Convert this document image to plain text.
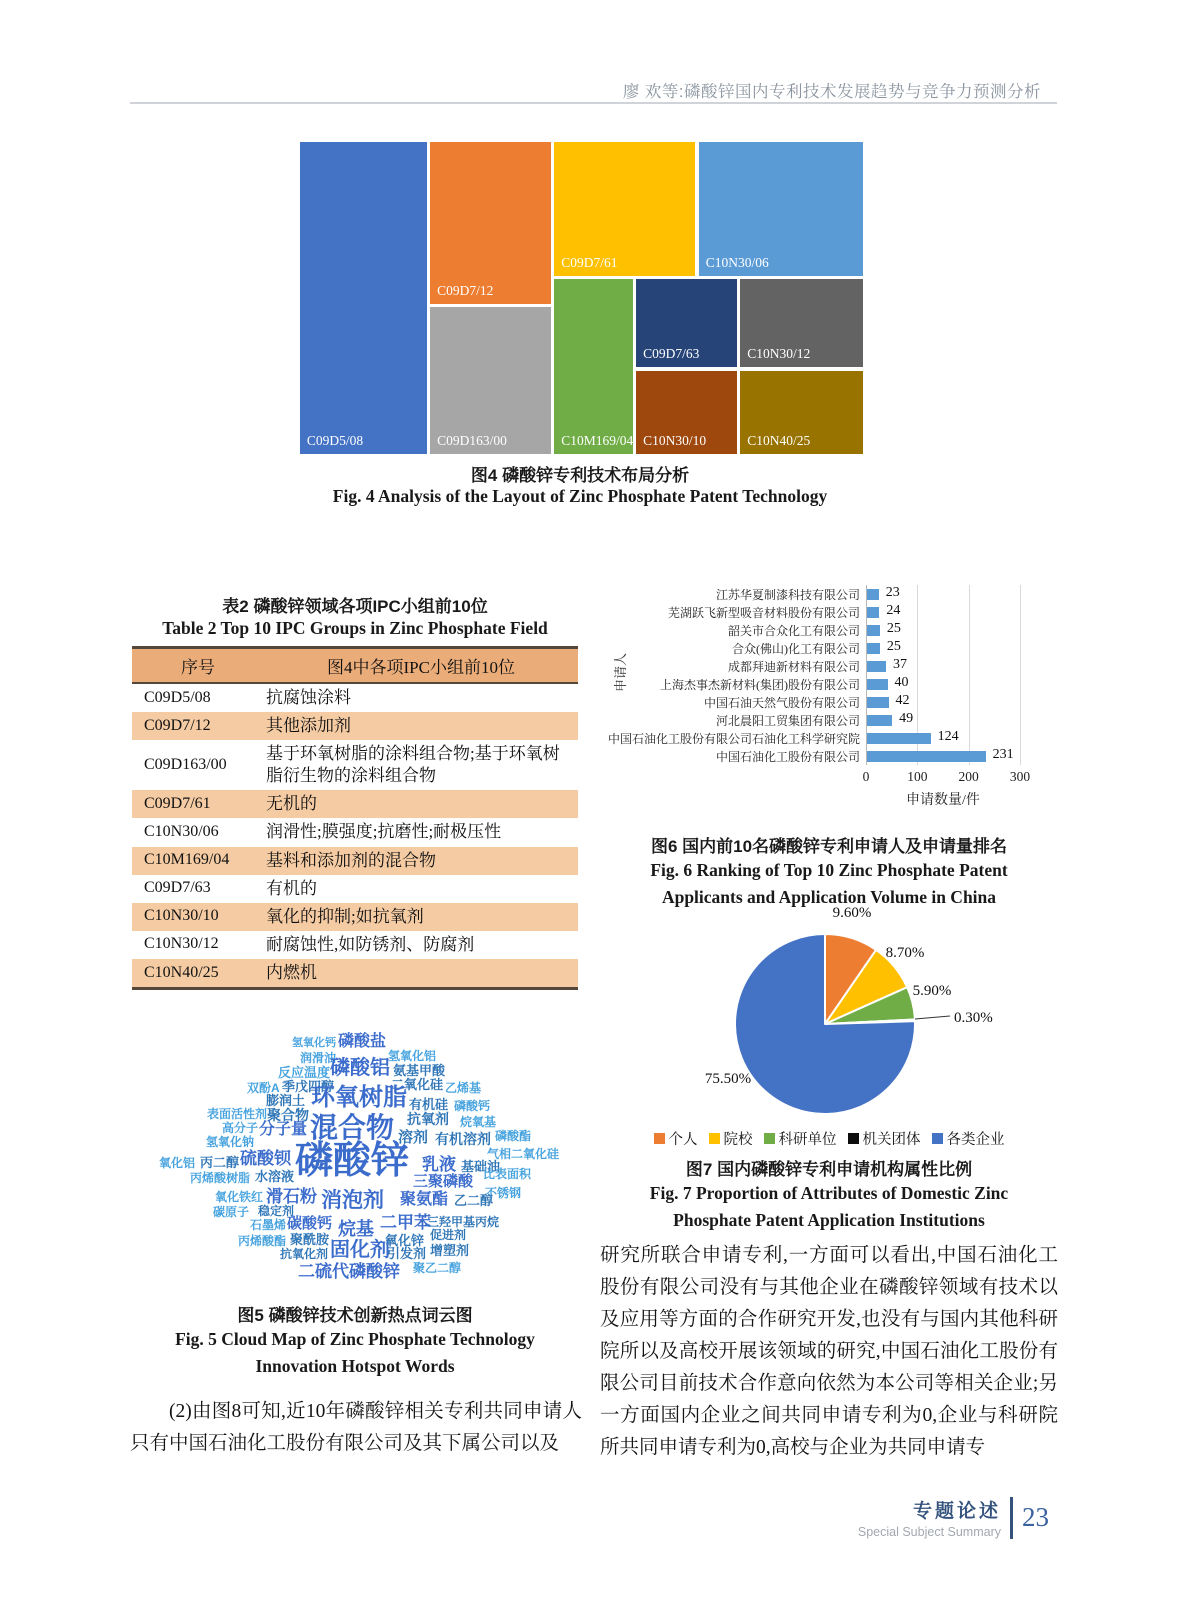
廖 欢等:磷酸锌国内专利技术发展趋势与竞争力预测分析
C09D5/08
C09D7/12
C09D163/00
C09D7/61	C10N30/06
C10M169/04
C09D7/63	C10N30/12
C10N30/10	C10N40/25
图4 磷酸锌专利技术布局分析
Fig. 4 Analysis of the Layout of Zinc Phosphate Patent Technology
表2 磷酸锌领域各项IPC小组前10位
Table 2 Top 10 IPC Groups in Zinc Phosphate Field
序号	图4中各项IPC小组前10位
C09D5/08	抗腐蚀涂料
C09D7/12	其他添加剂
C09D163/00	基于环氧树脂的涂料组合物;基于环氧树脂衍生物的涂料组合物
C09D7/61	无机的
C10N30/06	润滑性;膜强度;抗磨性;耐极压性
C10M169/04	基料和添加剂的混合物
C09D7/63	有机的
C10N30/10	氧化的抑制;如抗氧剂
C10N30/12	耐腐蚀性,如防锈剂、防腐剂
C10N40/25	内燃机
氢氧化钙 磷酸盐
氢氧化铝
润滑油
反应温度 磷酸铝 氨基甲酸
季戊四醇
双酚A	二氧化硅 乙烯基
膨润土 环氧树脂 有机硅 磷酸钙
表面活性剂 聚合物	抗氧剂 烷氧基
高分子 分子量 混合物 溶剂 有机溶剂 磷酸酯
氢氧化钠
氧化铝 丙二醇 硫酸钡 磷酸锌 乳液 基础油
气相二氧化硅
比表面积
丙烯酸树脂 水溶液	三聚磷酸
不锈钢
氧化铁红 滑石粉 消泡剂 聚氨酯 乙二醇
碳原子 稳定剂
石墨烯 碳酸钙 烷基 二甲苯
三羟甲基丙烷
促进剂
丙烯酸酯 聚酰胺
抗氧化剂 固化剂
氧化锌
引发剂 增塑剂
二硫代磷酸锌 聚乙二醇
图5 磷酸锌技术创新热点词云图
Fig. 5 Cloud Map of Zinc Phosphate Technology
Innovation Hotspot Words
(2)由图8可知,近10年磷酸锌相关专利共同申请人只有中国石油化工股份有限公司及其下属公司以及
申请人
江苏华夏制漆科技有限公司	23
芜湖跃飞新型吸音材料股份有限公司	24
韶关市合众化工有限公司	25
合众(佛山)化工有限公司	25
成都拜迪新材料有限公司	37
上海杰事杰新材料(集团)股份有限公司	40
中国石油天然气股份有限公司	42
河北晨阳工贸集团有限公司	49
中国石油化工股份有限公司石油化工科学研究院	124
中国石油化工股份有限公司	231
0	100 200 300
申请数量/件
图6 国内前10名磷酸锌专利申请人及申请量排名
Fig. 6 Ranking of Top 10 Zinc Phosphate Patent
Applicants and Application Volume in China
9.60%
8.70%
5.90%
0.30%
75.50%
个人 院校 科研单位 机关团体 各类企业
图7 国内磷酸锌专利申请机构属性比例
Fig. 7 Proportion of Attributes of Domestic Zinc
Phosphate Patent Application Institutions
研究所联合申请专利,一方面可以看出,中国石油化工股份有限公司没有与其他企业在磷酸锌领域有技术以及应用等方面的合作研究开发,也没有与国内其他科研院所以及高校开展该领域的研究,中国石油化工股份有限公司目前技术合作意向依然为本公司等相关企业;另一方面国内企业之间共同申请专利为0,企业与科研院所共同申请专利为0,高校与企业为共同申请专
专题论述
Special Subject Summary 23
